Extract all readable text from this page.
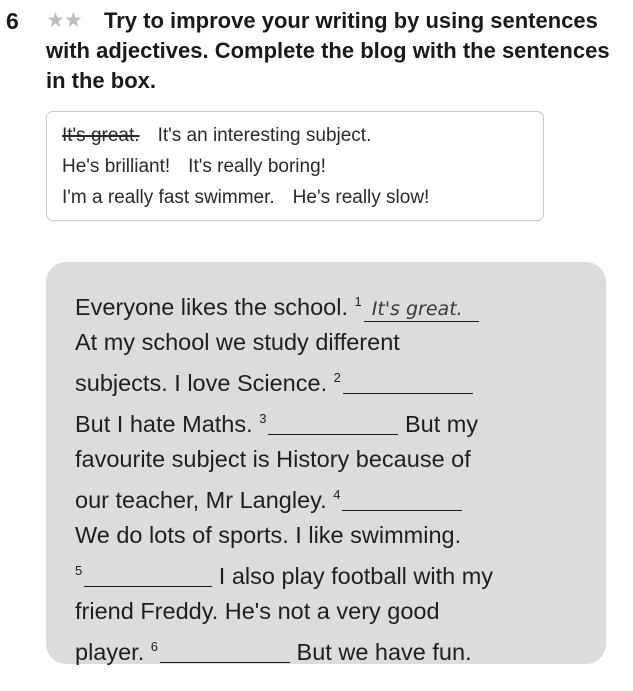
6 ★★	Try to improve your writing by using sentences with adjectives. Complete the blog with the sentences in the box.
It's great. It's an interesting subject.
He's brilliant! It's really boring!
I'm a really fast swimmer. He's really slow!
Everyone likes the school. $^1$ It's great.
At my school we study different
subjects. I love Science. $^2$
But I hate Maths. $^3$	But my
favourite subject is History because of
our teacher, Mr Langley. $^4$
We do lots of sports. I like swimming.
$^5$	I also play football with my
friend Freddy. He's not a very good
player. $^6$	But we have fun.
